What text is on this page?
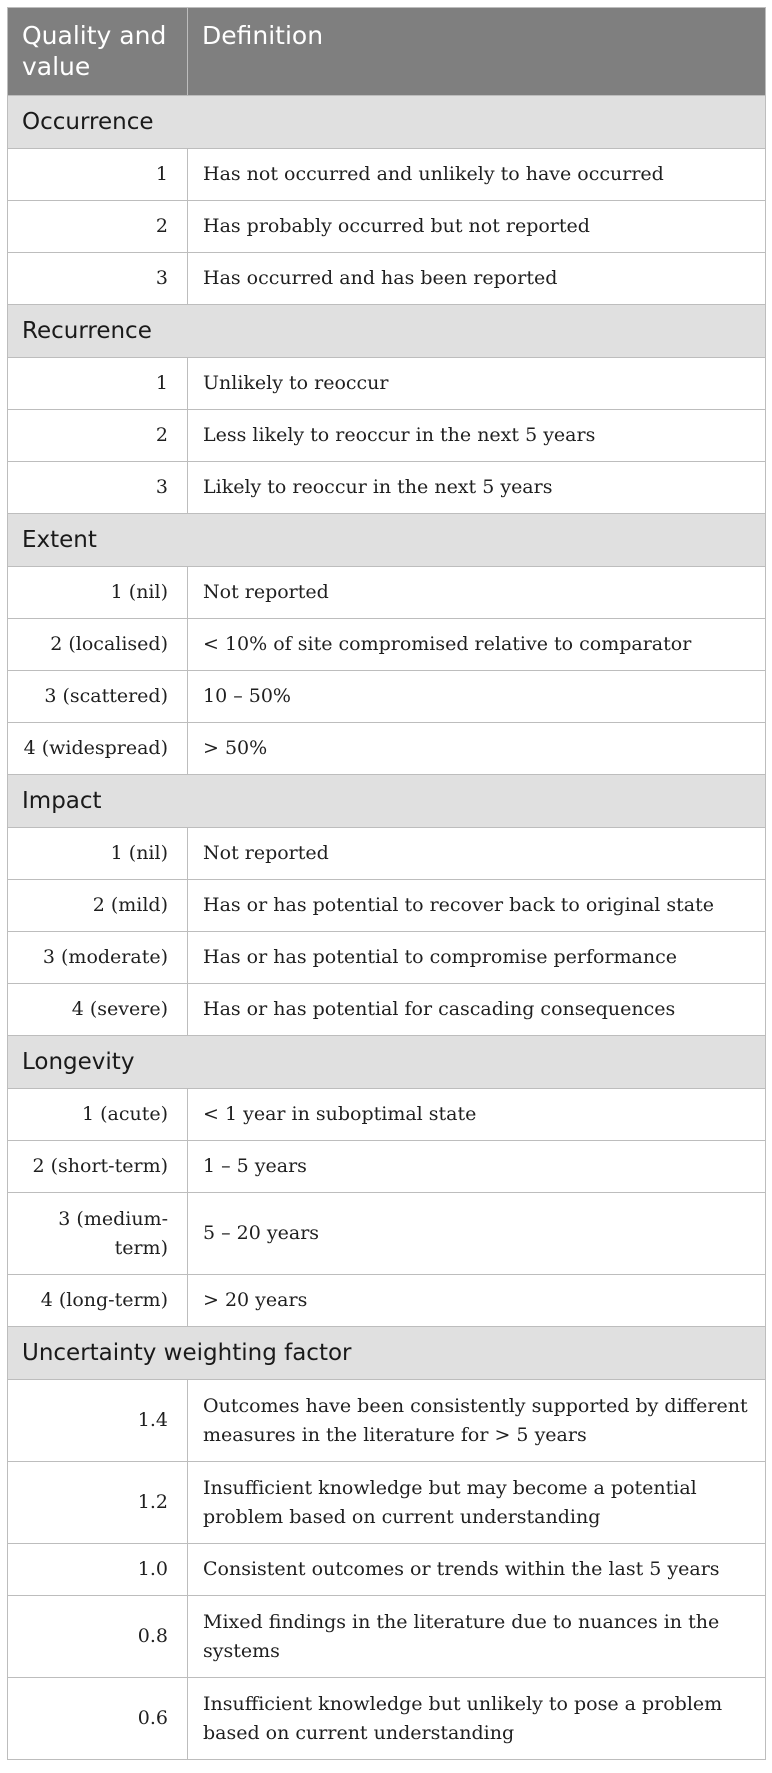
Quality and value	Definition
Occurrence	
1	Has not occurred and unlikely to have occurred
2	Has probably occurred but not reported
3	Has occurred and has been reported
Recurrence	
1	Unlikely to reoccur
2	Less likely to reoccur in the next 5 years
3	Likely to reoccur in the next 5 years
Extent	
1 (nil)	Not reported
2 (localised)	< 10% of site compromised relative to comparator
3 (scattered)	10 – 50%
4 (widespread)	> 50%
Impact	
1 (nil)	Not reported
2 (mild)	Has or has potential to recover back to original state
3 (moderate)	Has or has potential to compromise performance
4 (severe)	Has or has potential for cascading consequences
Longevity	
1 (acute)	< 1 year in suboptimal state
2 (short-term)	1 – 5 years
3 (medium-term)	5 – 20 years
4 (long-term)	> 20 years
Uncertainty weighting factor	
1.4	Outcomes have been consistently supported by different measures in the literature for > 5 years
1.2	Insufficient knowledge but may become a potential problem based on current understanding
1.0	Consistent outcomes or trends within the last 5 years
0.8	Mixed findings in the literature due to nuances in the systems
0.6	Insufficient knowledge but unlikely to pose a problem based on current understanding
